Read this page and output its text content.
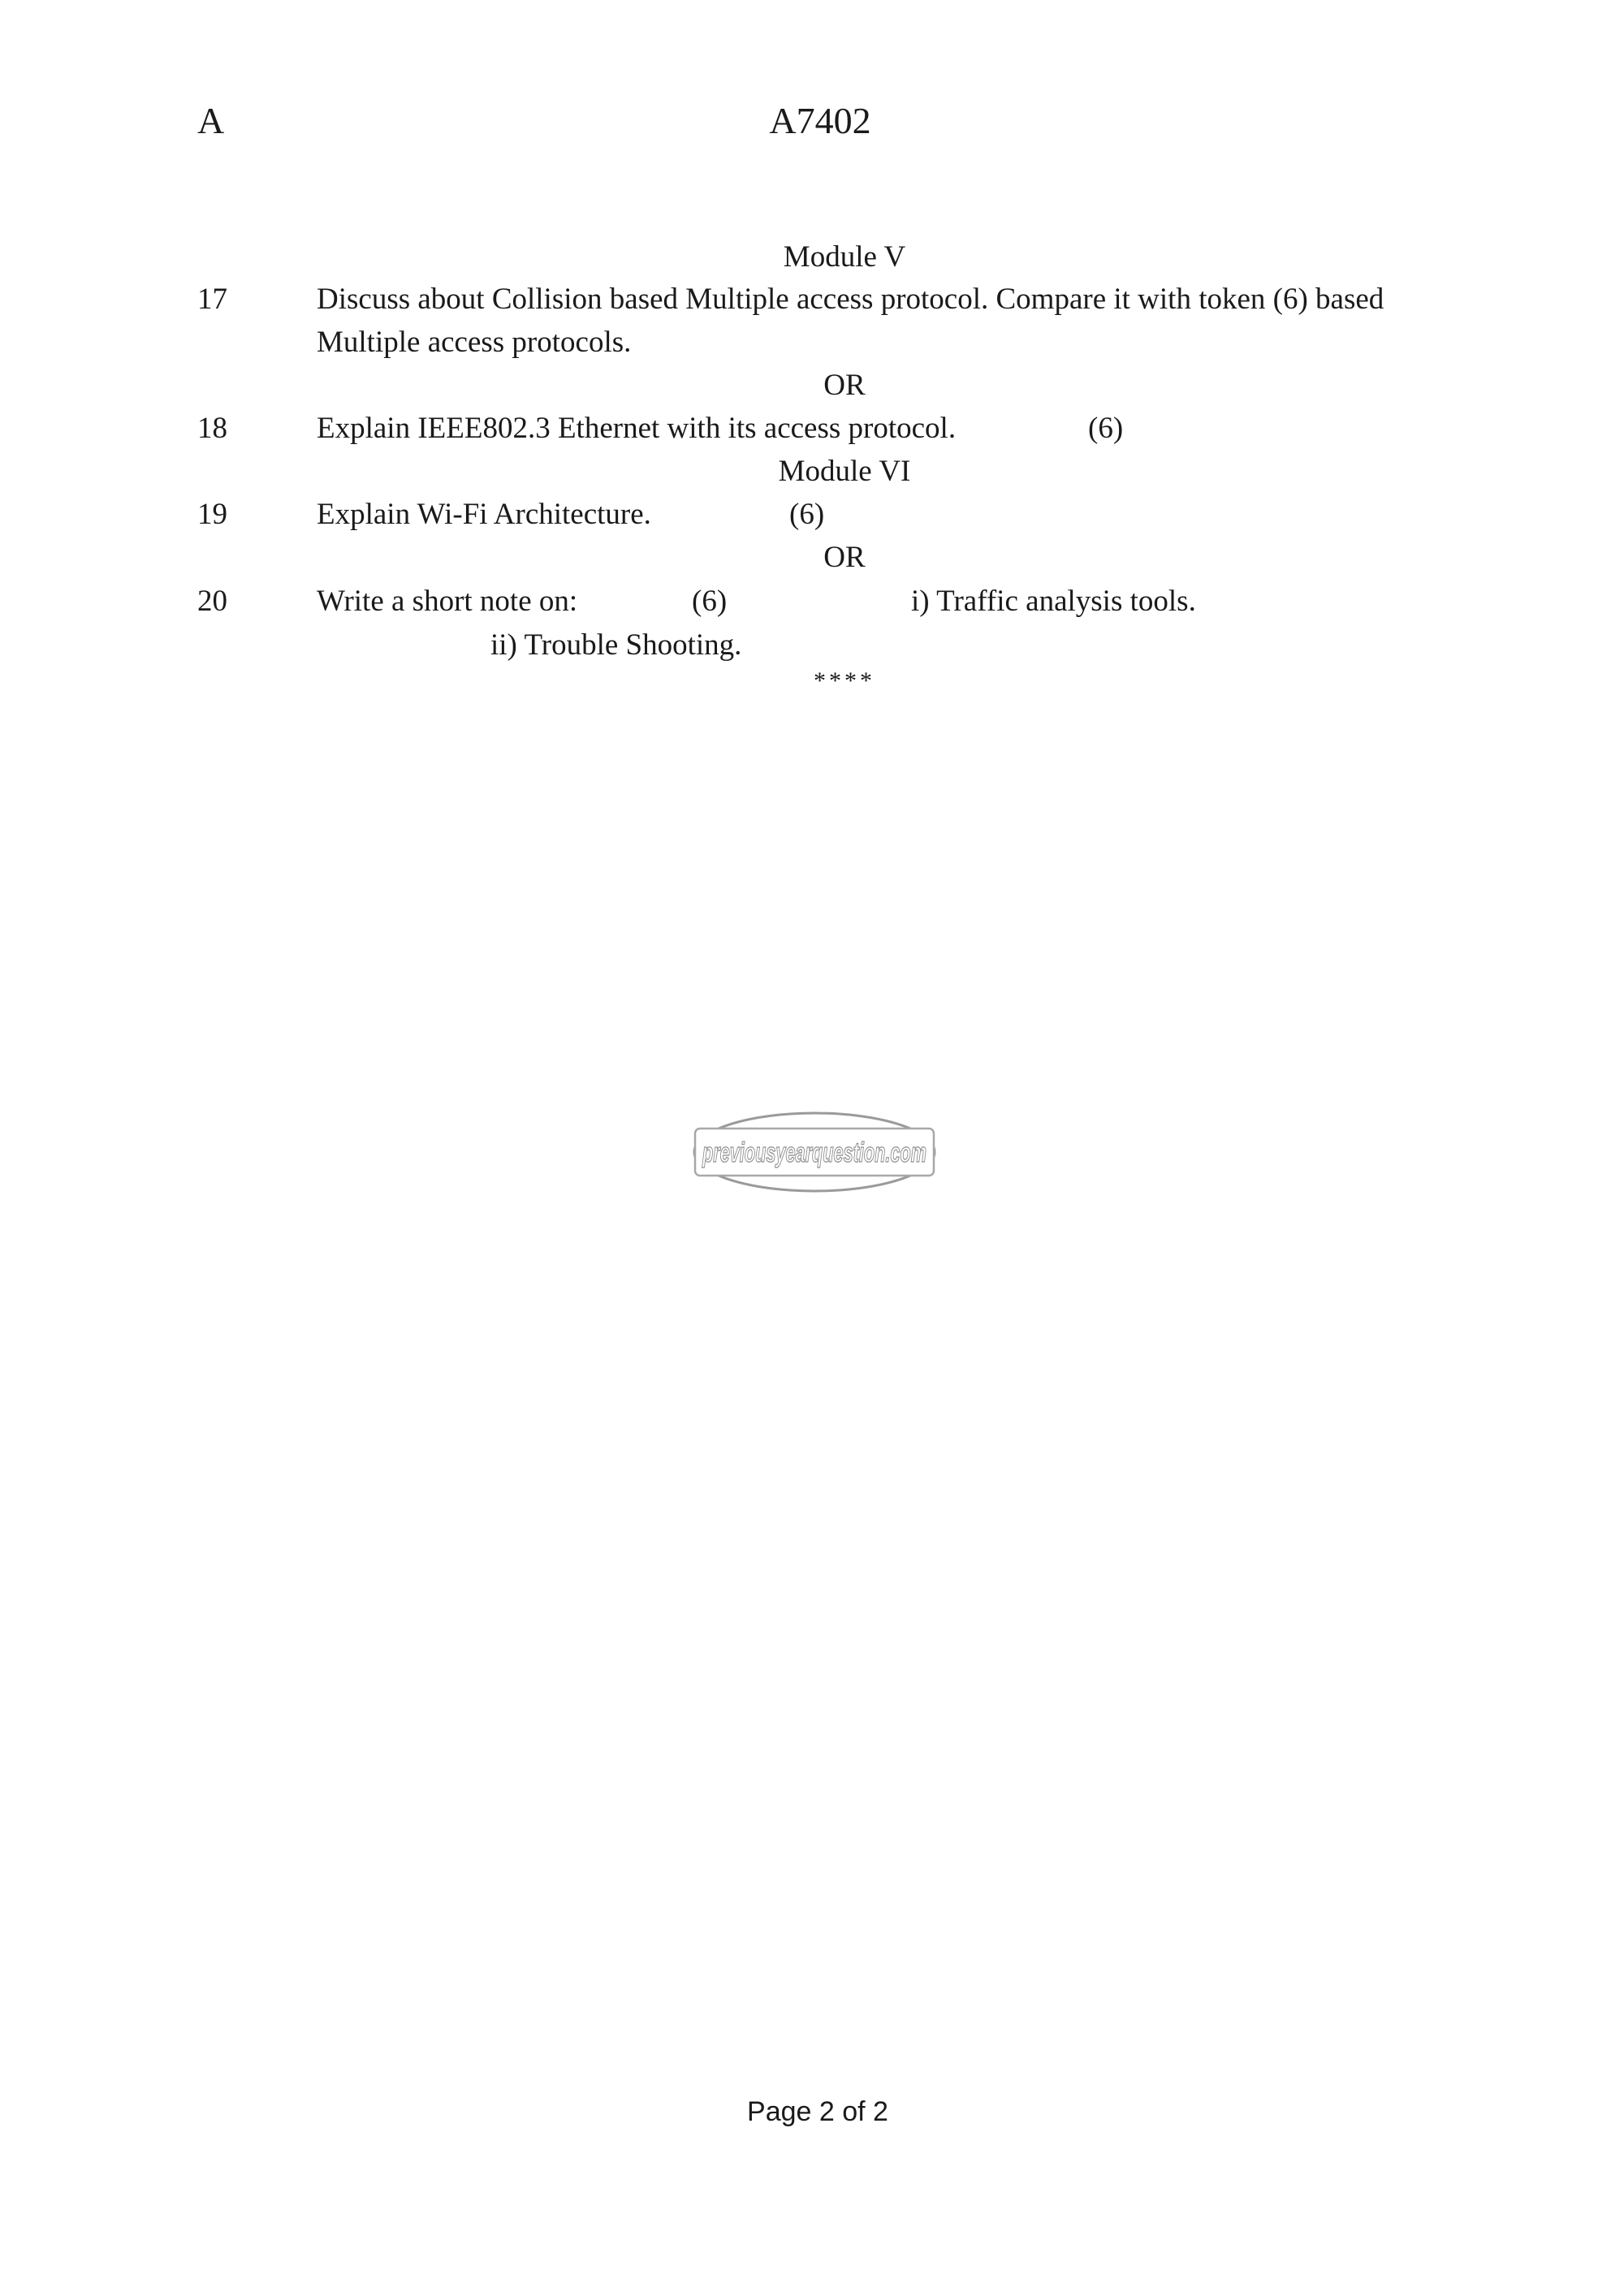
A	A7402
Module V
17	Discuss about Collision based Multiple access protocol. Compare it with token (6) based
Multiple access protocols.
OR
18	Explain IEEE802.3 Ethernet with its access protocol.	(6)
Module VI
19	Explain Wi-Fi Architecture.	(6)
OR
20	Write a short note on:	(6)	i) Traffic analysis tools.
ii) Trouble Shooting.
****
previousyearquestion.com
Page 2 of 2
